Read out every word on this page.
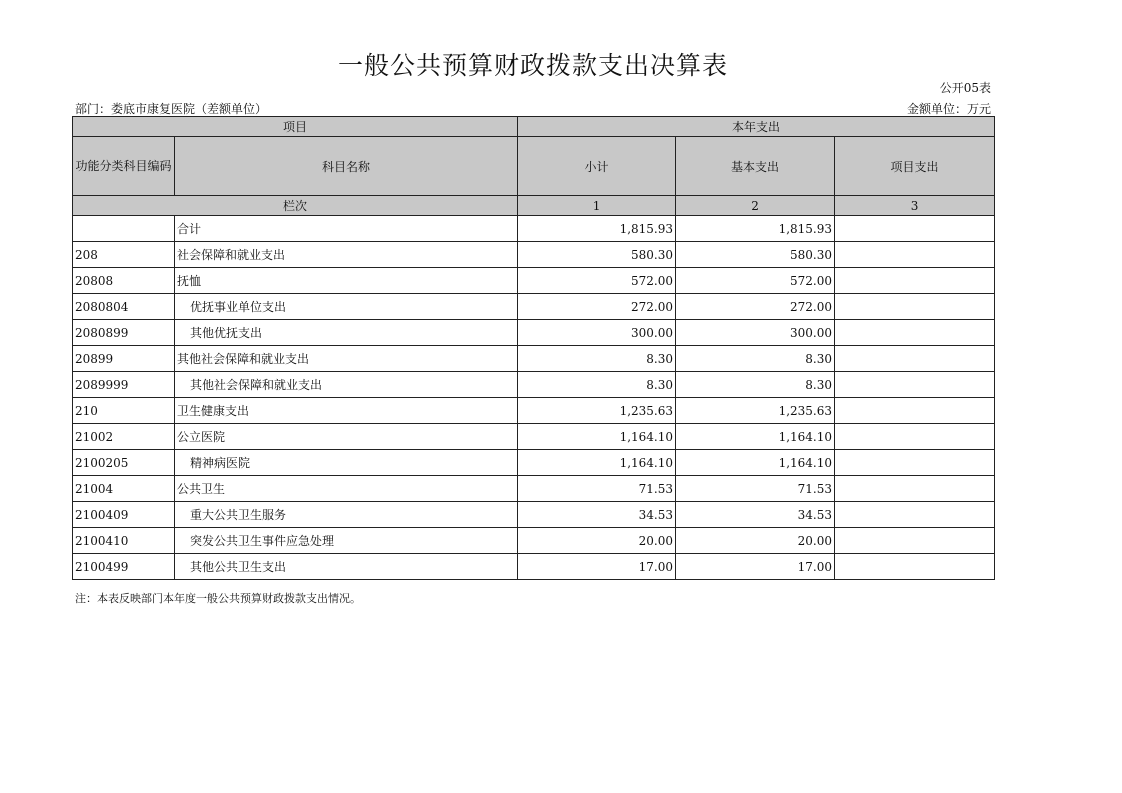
一般公共预算财政拨款支出决算表
公开05表
部门：娄底市康复医院（差额单位）	金额单位：万元
项目		本年支出		
功能分类科目编码	科目名称	小计	基本支出	项目支出
栏次		1	2	3
	合计	1,815.93	1,815.93	
208	社会保障和就业支出	580.30	580.30	
20808	抚恤	572.00	572.00	
2080804	优抚事业单位支出	272.00	272.00	
2080899	其他优抚支出	300.00	300.00	
20899	其他社会保障和就业支出	8.30	8.30	
2089999	其他社会保障和就业支出	8.30	8.30	
210	卫生健康支出	1,235.63	1,235.63	
21002	公立医院	1,164.10	1,164.10	
2100205	精神病医院	1,164.10	1,164.10	
21004	公共卫生	71.53	71.53	
2100409	重大公共卫生服务	34.53	34.53	
2100410	突发公共卫生事件应急处理	20.00	20.00	
2100499	其他公共卫生支出	17.00	17.00	
注：本表反映部门本年度一般公共预算财政拨款支出情况。
